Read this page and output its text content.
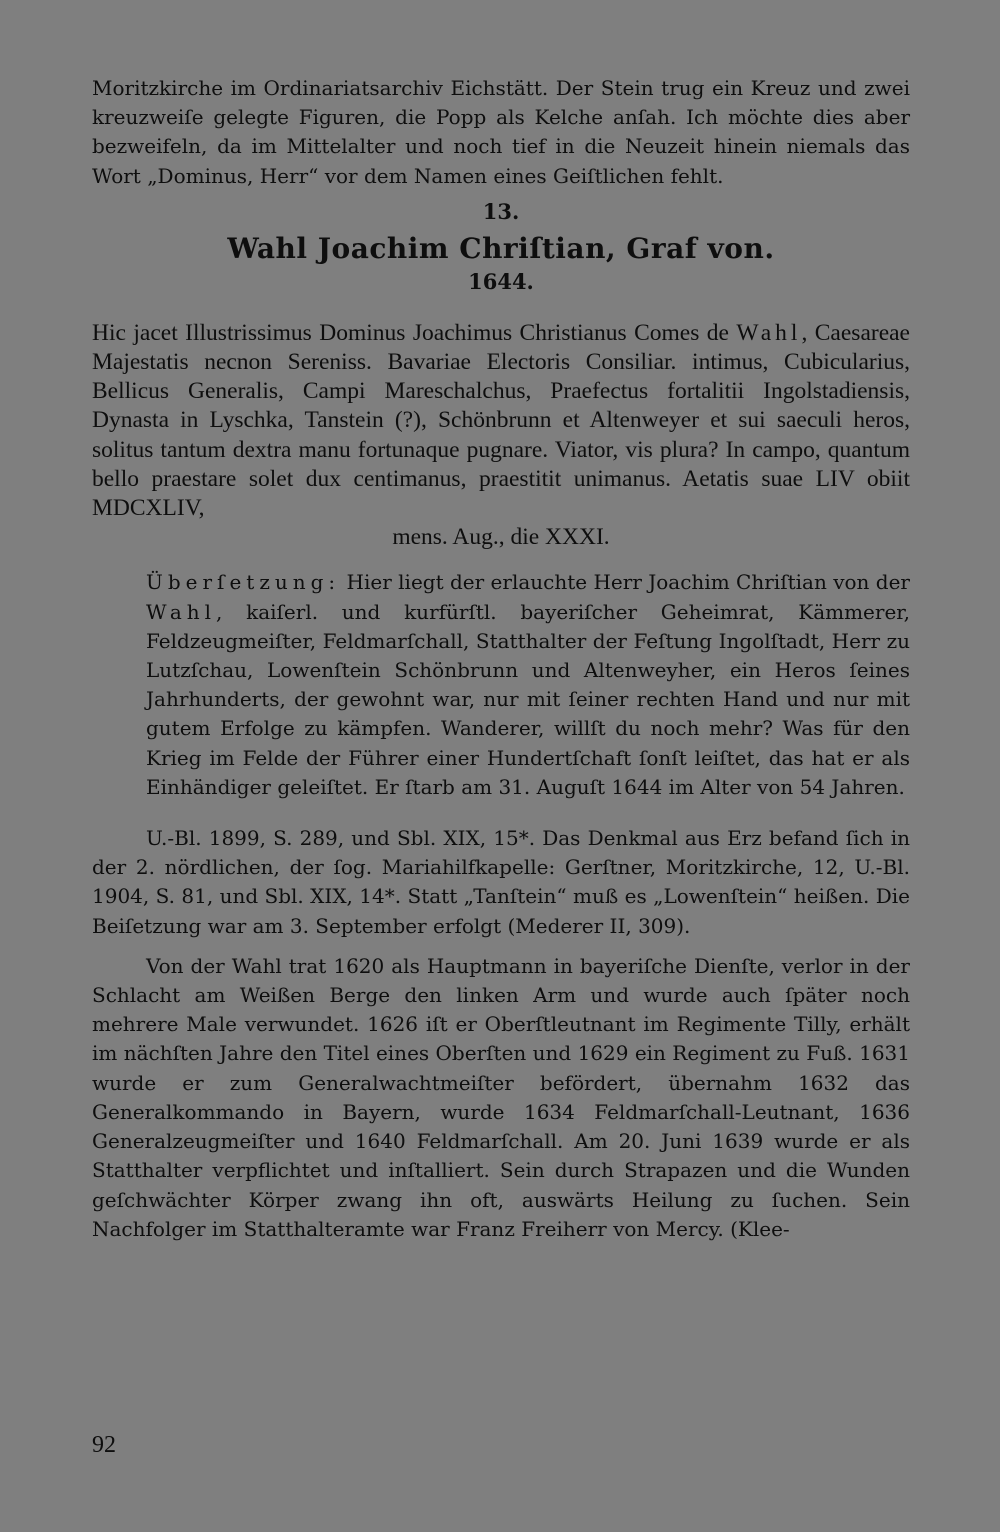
Moritzkirche im Ordinariatsarchiv Eichstätt. Der Stein trug ein Kreuz und zwei kreuzweiſe gelegte Figuren, die Popp als Kelche anſah. Ich möchte dies aber bezweifeln, da im Mittelalter und noch tief in die Neuzeit hinein niemals das Wort „Dominus, Herr“ vor dem Namen eines Geiſtlichen fehlt.

13.
Wahl Joachim Chriſtian, Graf von.
1644.

Hic jacet Illustrissimus Dominus Joachimus Christianus Comes de Wahl, Caesareae Majestatis necnon Sereniss. Bavariae Electoris Consiliar. intimus, Cubicularius, Bellicus Generalis, Campi Mareschalchus, Praefectus fortalitii Ingolstadiensis, Dynasta in Lyschka, Tanstein (?), Schönbrunn et Altenweyer et sui saeculi heros, solitus tantum dextra manu fortunaque pugnare. Viator, vis plura? In campo, quantum bello praestare solet dux centimanus, praestitit unimanus. Aetatis suae LIV obiit MDCXLIV,
mens. Aug., die XXXI.

Überſetzung: Hier liegt der erlauchte Herr Joachim Chriſtian von der Wahl, kaiſerl. und kurfürſtl. bayeriſcher Geheimrat, Kämmerer, Feldzeugmeiſter, Feldmarſchall, Statthalter der Feſtung Ingolſtadt, Herr zu Lutzſchau, Lowenſtein Schönbrunn und Altenweyher, ein Heros ſeines Jahrhunderts, der gewohnt war, nur mit ſeiner rechten Hand und nur mit gutem Erfolge zu kämpfen. Wanderer, willſt du noch mehr? Was für den Krieg im Felde der Führer einer Hundertſchaft ſonſt leiſtet, das hat er als Einhändiger geleiſtet. Er ſtarb am 31. Auguſt 1644 im Alter von 54 Jahren.

U.-Bl. 1899, S. 289, und Sbl. XIX, 15*. Das Denkmal aus Erz befand ſich in der 2. nördlichen, der ſog. Mariahilfkapelle: Gerſtner, Moritzkirche, 12, U.-Bl. 1904, S. 81, und Sbl. XIX, 14*. Statt „Tanſtein“ muß es „Lowenſtein“ heißen. Die Beiſetzung war am 3. September erfolgt (Mederer II, 309).

Von der Wahl trat 1620 als Hauptmann in bayeriſche Dienſte, verlor in der Schlacht am Weißen Berge den linken Arm und wurde auch ſpäter noch mehrere Male verwundet. 1626 iſt er Oberſtleutnant im Regimente Tilly, erhält im nächſten Jahre den Titel eines Oberſten und 1629 ein Regiment zu Fuß. 1631 wurde er zum Generalwachtmeiſter befördert, übernahm 1632 das Generalkommando in Bayern, wurde 1634 Feldmarſchall-Leutnant, 1636 Generalzeugmeiſter und 1640 Feldmarſchall. Am 20. Juni 1639 wurde er als Statthalter verpflichtet und inſtalliert. Sein durch Strapazen und die Wunden geſchwächter Körper zwang ihn oft, auswärts Heilung zu ſuchen. Sein Nachfolger im Statthalteramte war Franz Freiherr von Mercy. (Klee-

92
